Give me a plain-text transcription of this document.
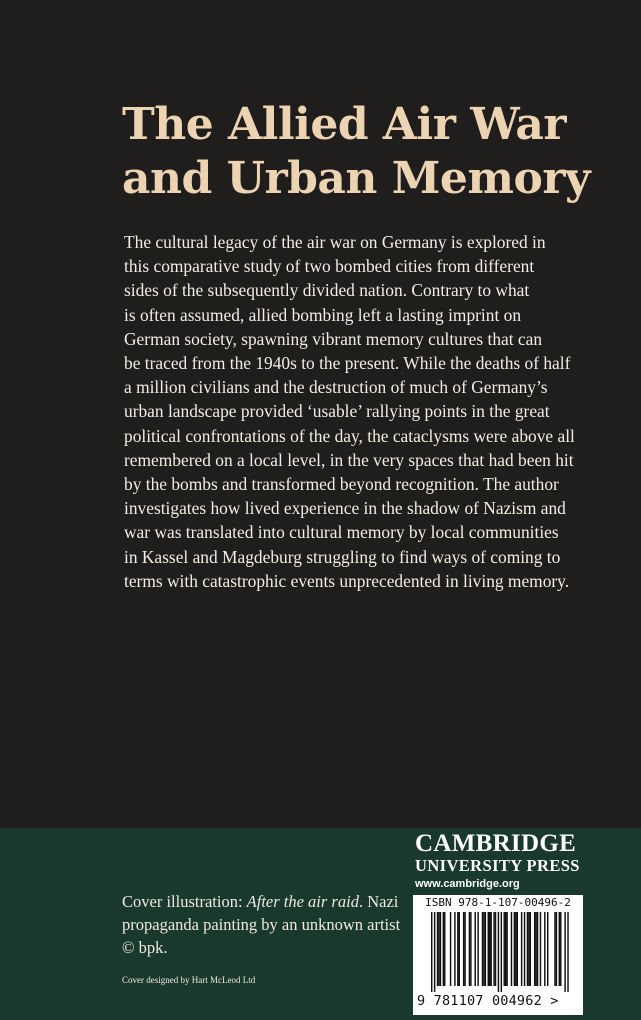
The Allied Air War
and Urban Memory
The cultural legacy of the air war on Germany is explored in
this comparative study of two bombed cities from different
sides of the subsequently divided nation. Contrary to what
is often assumed, allied bombing left a lasting imprint on
German society, spawning vibrant memory cultures that can
be traced from the 1940s to the present. While the deaths of half
a million civilians and the destruction of much of Germany’s
urban landscape provided ‘usable’ rallying points in the great
political confrontations of the day, the cataclysms were above all
remembered on a local level, in the very spaces that had been hit
by the bombs and transformed beyond recognition. The author
investigates how lived experience in the shadow of Nazism and
war was translated into cultural memory by local communities
in Kassel and Magdeburg struggling to find ways of coming to
terms with catastrophic events unprecedented in living memory.
Cover illustration: After the air raid. Nazi
propaganda painting by an unknown artist
© bpk.
Cover designed by Hart McLeod Ltd
CAMBRIDGE
UNIVERSITY PRESS
www.cambridge.org
ISBN 978-1-107-00496-2
9 781107 004962 >
